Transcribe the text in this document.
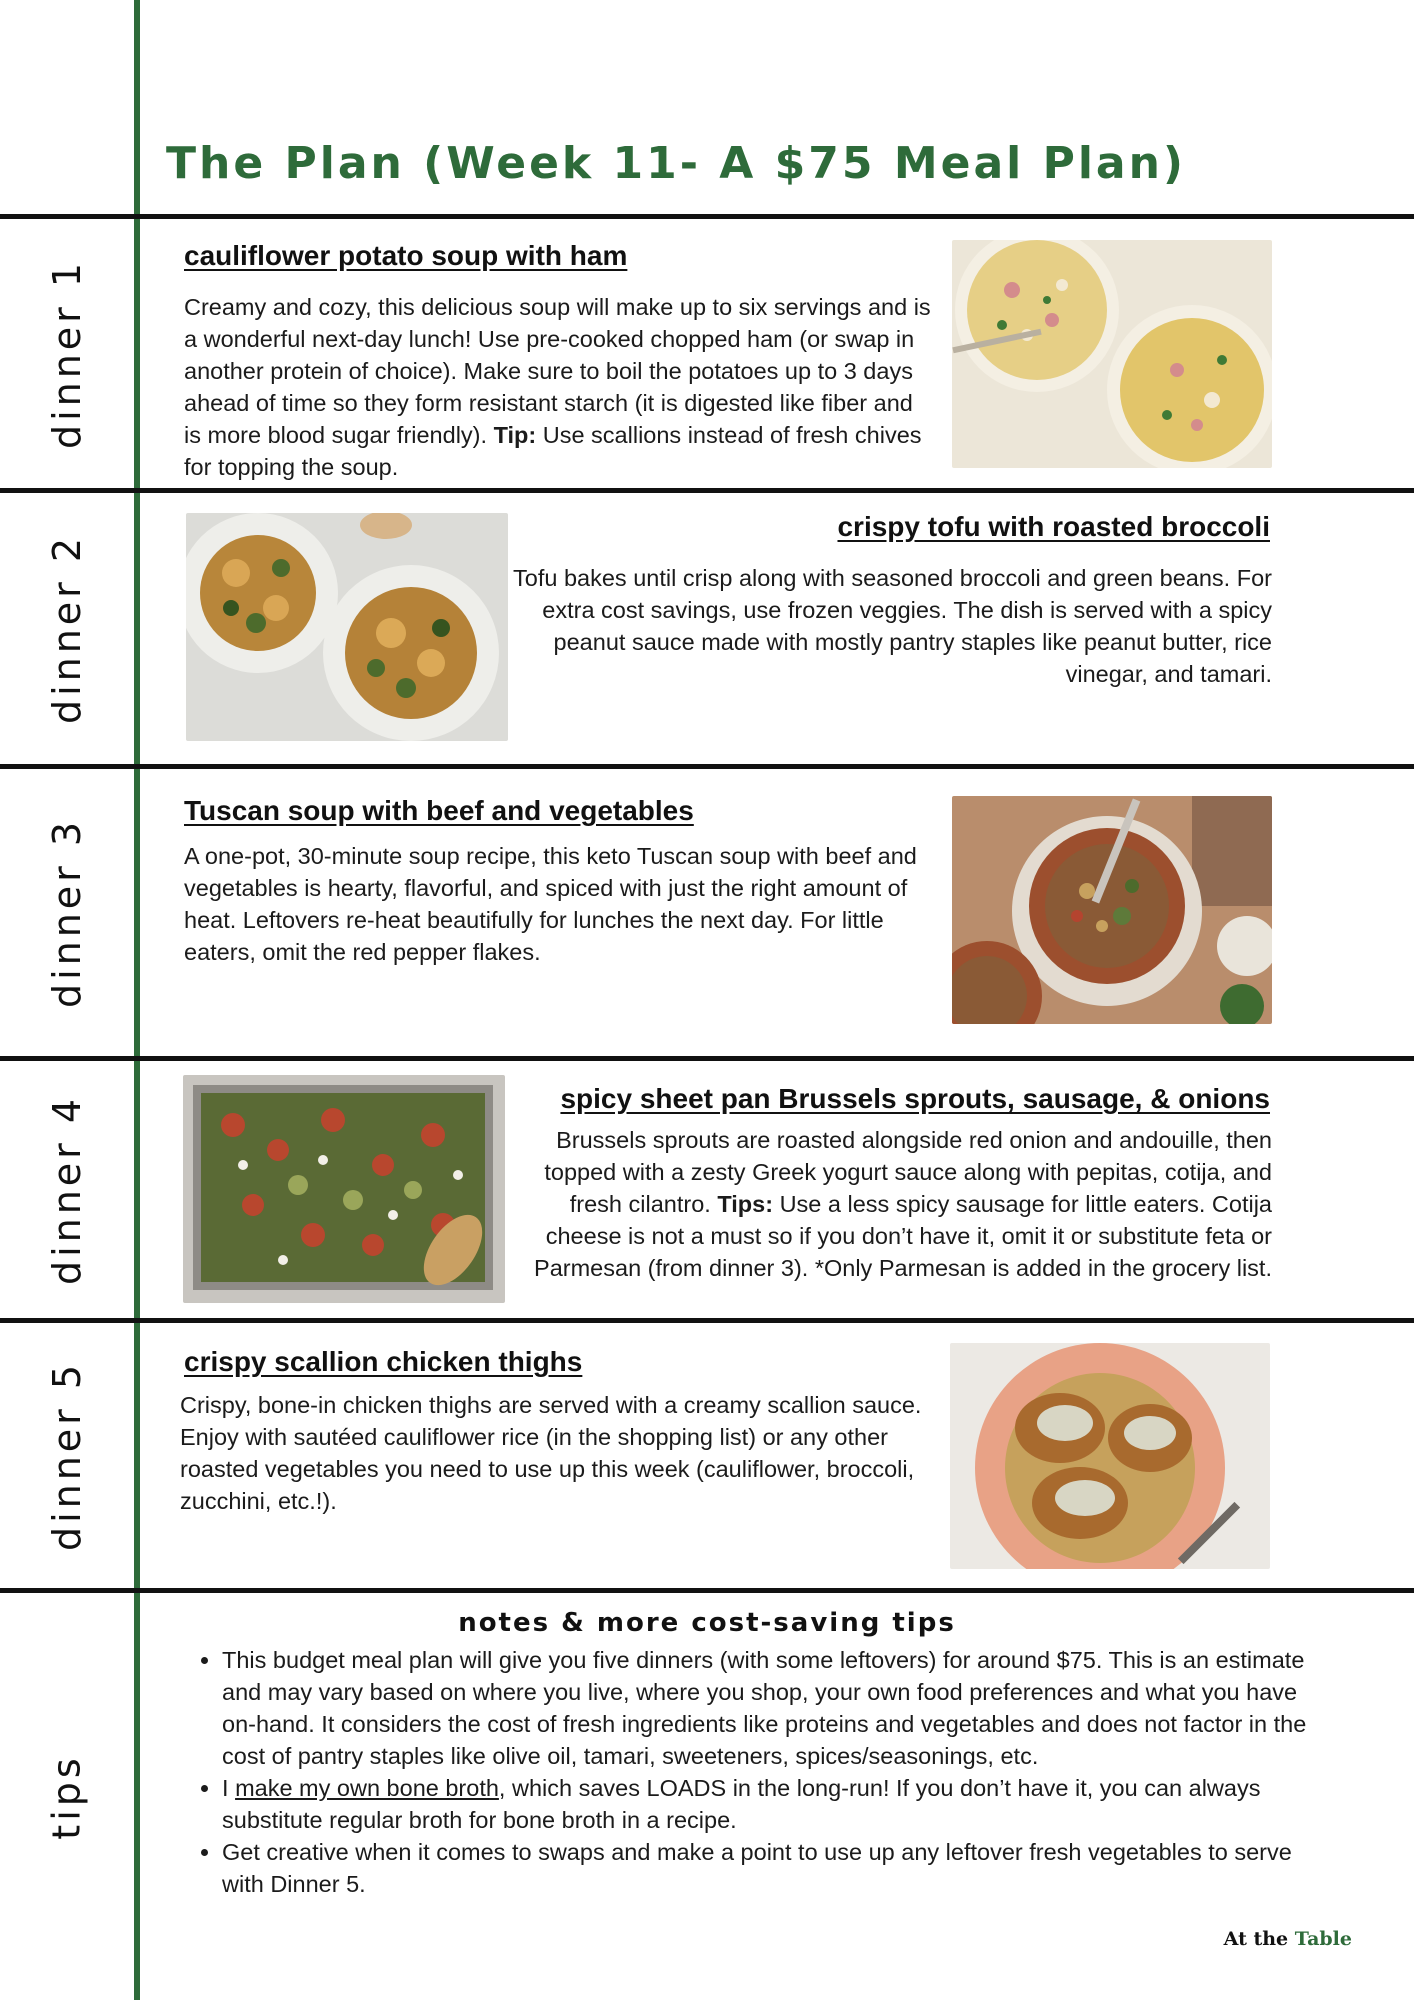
The Plan (Week 11- A $75 Meal Plan)
dinner 1
dinner 2
dinner 3
dinner 4
dinner 5
tips
cauliflower potato soup with ham

Creamy and cozy, this delicious soup will make up to six servings and is a wonderful next-day lunch! Use pre-cooked chopped ham (or swap in another protein of choice). Make sure to boil the potatoes up to 3 days ahead of time so they form resistant starch (it is digested like fiber and is more blood sugar friendly). Tip: Use scallions instead of fresh chives for topping the soup.

crispy tofu with roasted broccoli

Tofu bakes until crisp along with seasoned broccoli and green beans. For extra cost savings, use frozen veggies. The dish is served with a spicy peanut sauce made with mostly pantry staples like peanut butter, rice vinegar, and tamari.

Tuscan soup with beef and vegetables

A one-pot, 30-minute soup recipe, this keto Tuscan soup with beef and vegetables is hearty, flavorful, and spiced with just the right amount of heat. Leftovers re-heat beautifully for lunches the next day. For little eaters, omit the red pepper flakes.

spicy sheet pan Brussels sprouts, sausage, & onions

Brussels sprouts are roasted alongside red onion and andouille, then topped with a zesty Greek yogurt sauce along with pepitas, cotija, and fresh cilantro. Tips: Use a less spicy sausage for little eaters. Cotija cheese is not a must so if you don’t have it, omit it or substitute feta or Parmesan (from dinner 3). *Only Parmesan is added in the grocery list.

crispy scallion chicken thighs

Crispy, bone-in chicken thighs are served with a creamy scallion sauce. Enjoy with sautéed cauliflower rice (in the shopping list) or any other roasted vegetables you need to use up this week (cauliflower, broccoli, zucchini, etc.!).

notes & more cost-saving tips
• This budget meal plan will give you five dinners (with some leftovers) for around $75. This is an estimate and may vary based on where you live, where you shop, your own food preferences and what you have on-hand. It considers the cost of fresh ingredients like proteins and vegetables and does not factor in the cost of pantry staples like olive oil, tamari, sweeteners, spices/seasonings, etc.
• I make my own bone broth, which saves LOADS in the long-run! If you don’t have it, you can always substitute regular broth for bone broth in a recipe.
• Get creative when it comes to swaps and make a point to use up any leftover fresh vegetables to serve with Dinner 5.

At the Table
